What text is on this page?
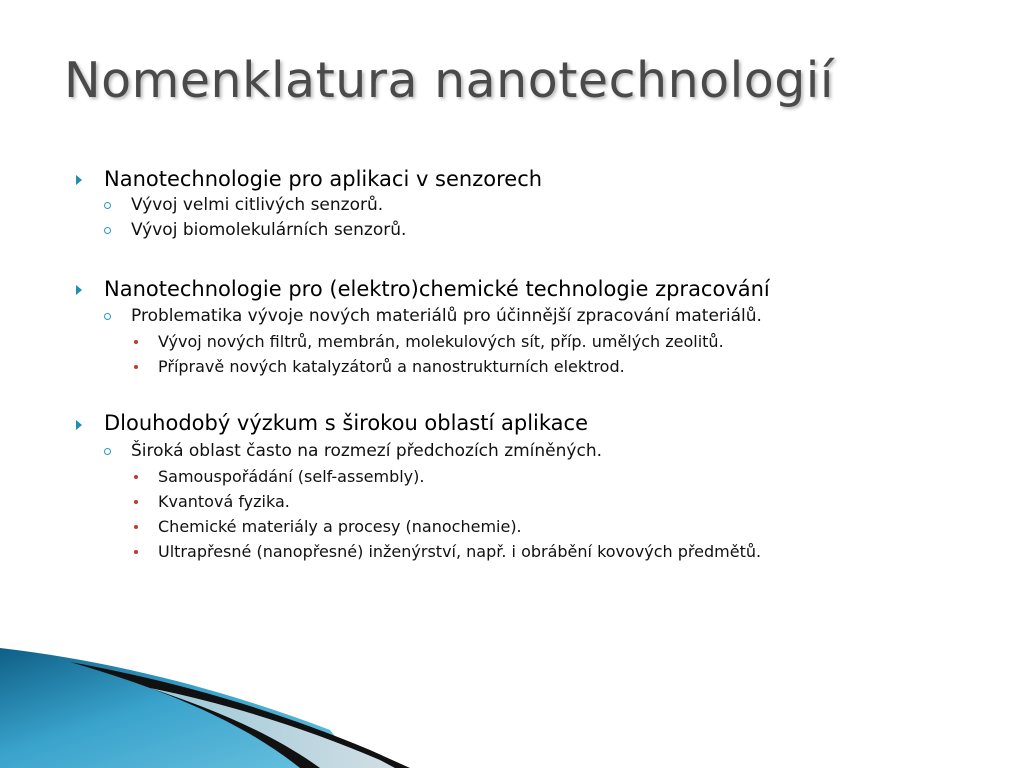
Nomenklatura nanotechnologií
Nanotechnologie pro aplikaci v senzorech
Vývoj velmi citlivých senzorů.
Vývoj biomolekulárních senzorů.
Nanotechnologie pro (elektro)chemické technologie zpracování
Problematika vývoje nových materiálů pro účinnější zpracování materiálů.
Vývoj nových filtrů, membrán, molekulových sít, příp. umělých zeolitů.
Přípravě nových katalyzátorů a nanostrukturních elektrod.
Dlouhodobý výzkum s širokou oblastí aplikace
Široká oblast často na rozmezí předchozích zmíněných.
Samouspořádání (self-assembly).
Kvantová fyzika.
Chemické materiály a procesy (nanochemie).
Ultrapřesné (nanopřesné) inženýrství, např. i obrábění kovových předmětů.
